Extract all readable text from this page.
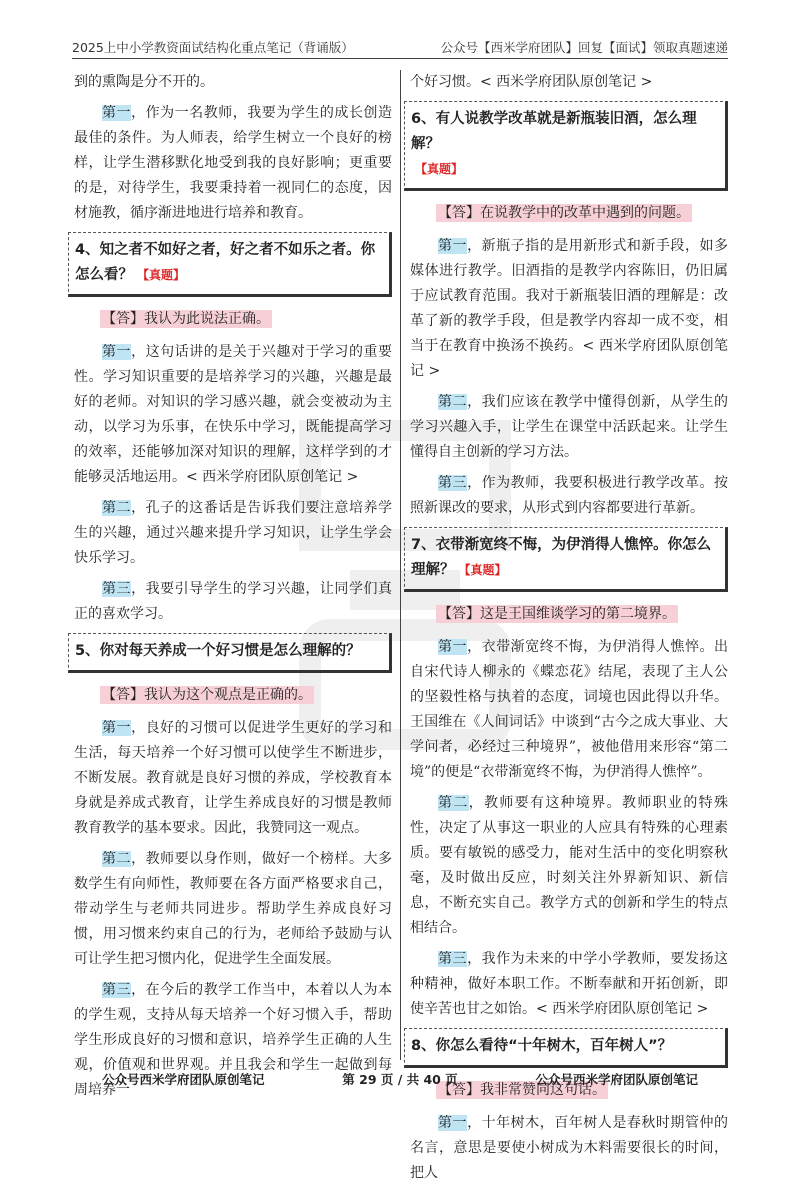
2025上中小学教资面试结构化重点笔记（背诵版）	公众号【西米学府团队】回复【面试】领取真题速递

到的熏陶是分不开的。

第一，作为一名教师，我要为学生的成长创造最佳的条件。为人师表，给学生树立一个良好的榜样，让学生潜移默化地受到我的良好影响；更重要的是，对待学生，我要秉持着一视同仁的态度，因材施教，循序渐进地进行培养和教育。

4、知之者不如好之者，好之者不如乐之者。你怎么看？ 【真题】
【答】我认为此说法正确。

第一，这句话讲的是关于兴趣对于学习的重要性。学习知识重要的是培养学习的兴趣，兴趣是最好的老师。对知识的学习感兴趣，就会变被动为主动，以学习为乐事，在快乐中学习，既能提高学习的效率，还能够加深对知识的理解，这样学到的才能够灵活地运用。< 西米学府团队原创笔记 >

第二，孔子的这番话是告诉我们要注意培养学生的兴趣，通过兴趣来提升学习知识，让学生学会快乐学习。

第三，我要引导学生的学习兴趣，让同学们真正的喜欢学习。

5、你对每天养成一个好习惯是怎么理解的？
【答】我认为这个观点是正确的。

第一，良好的习惯可以促进学生更好的学习和生活，每天培养一个好习惯可以使学生不断进步，不断发展。教育就是良好习惯的养成，学校教育本身就是养成式教育，让学生养成良好的习惯是教师教育教学的基本要求。因此，我赞同这一观点。

第二，教师要以身作则，做好一个榜样。大多数学生有向师性，教师要在各方面严格要求自己，带动学生与老师共同进步。帮助学生养成良好习惯，用习惯来约束自己的行为，老师给予鼓励与认可让学生把习惯内化，促进学生全面发展。

第三，在今后的教学工作当中，本着以人为本的学生观，支持从每天培养一个好习惯入手，帮助学生形成良好的习惯和意识，培养学生正确的人生观，价值观和世界观。并且我会和学生一起做到每周培养一

个好习惯。< 西米学府团队原创笔记 >

6、有人说教学改革就是新瓶装旧酒，怎么理解？
【真题】
【答】在说教学中的改革中遇到的问题。

第一，新瓶子指的是用新形式和新手段，如多媒体进行教学。旧酒指的是教学内容陈旧，仍旧属于应试教育范围。我对于新瓶装旧酒的理解是：改革了新的教学手段，但是教学内容却一成不变，相当于在教育中换汤不换药。< 西米学府团队原创笔记 >

第二，我们应该在教学中懂得创新，从学生的学习兴趣入手，让学生在课堂中活跃起来。让学生懂得自主创新的学习方法。

第三，作为教师，我要积极进行教学改革。按照新课改的要求，从形式到内容都要进行革新。

7、衣带渐宽终不悔，为伊消得人憔悴。你怎么理解？ 【真题】
【答】这是王国维谈学习的第二境界。

第一，衣带渐宽终不悔，为伊消得人憔悴。出自宋代诗人柳永的《蝶恋花》结尾，表现了主人公的坚毅性格与执着的态度，词境也因此得以升华。王国维在《人间词话》中谈到“古今之成大事业、大学问者，必经过三种境界”，被他借用来形容“第二境”的便是“衣带渐宽终不悔，为伊消得人憔悴”。

第二，教师要有这种境界。教师职业的特殊性，决定了从事这一职业的人应具有特殊的心理素质。要有敏锐的感受力，能对生活中的变化明察秋毫，及时做出反应，时刻关注外界新知识、新信息，不断充实自己。教学方式的创新和学生的特点相结合。

第三，我作为未来的中学小学教师，要发扬这种精神，做好本职工作。不断奉献和开拓创新，即使辛苦也甘之如饴。< 西米学府团队原创笔记 >

8、你怎么看待“十年树木，百年树人”？
【答】我非常赞同这句话。

第一，十年树木，百年树人是春秋时期管仲的名言，意思是要使小树成为木料需要很长的时间，把人

公众号西米学府团队原创笔记	第 29 页 / 共 40 页	公众号西米学府团队原创笔记
